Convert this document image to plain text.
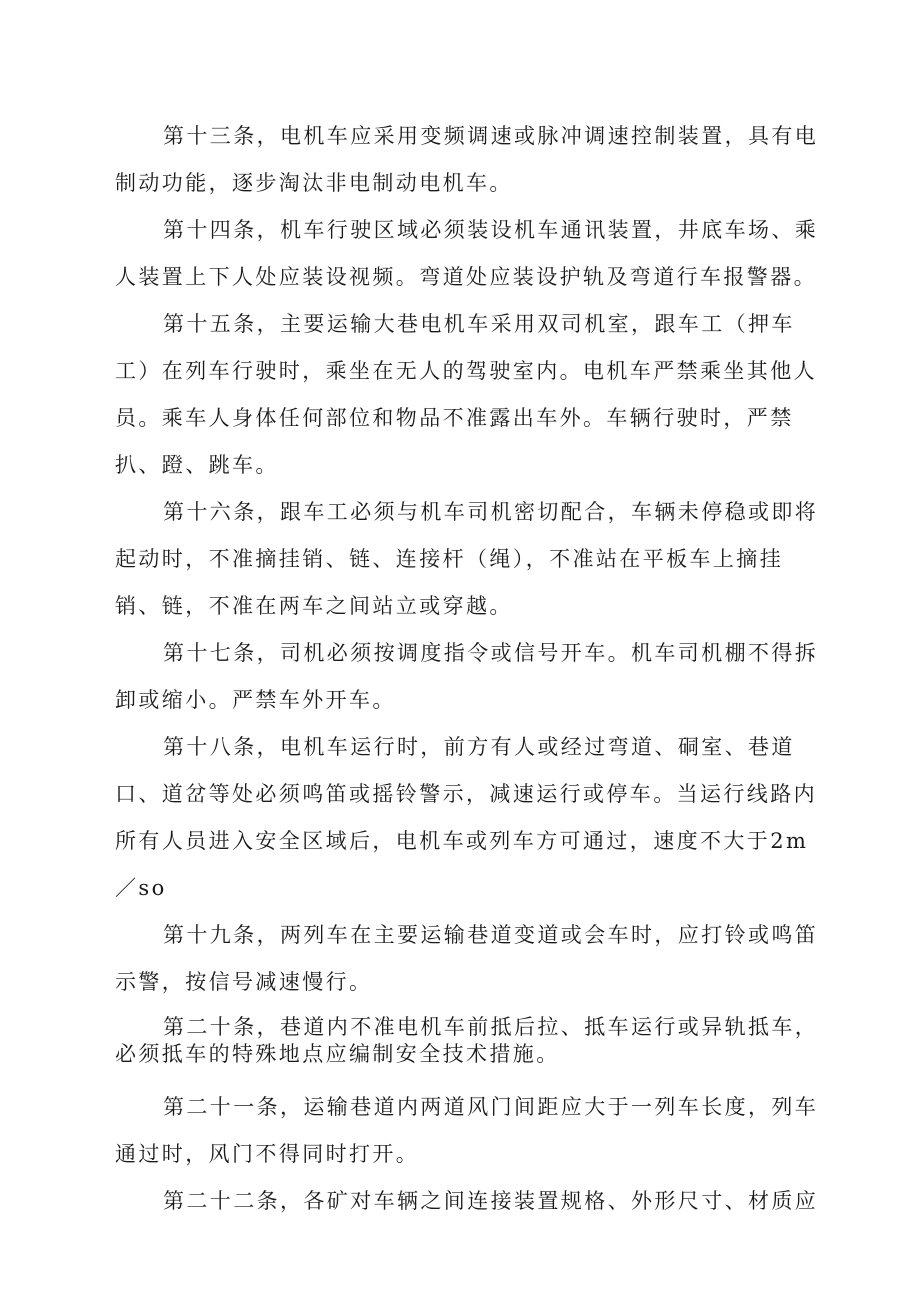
第十三条，电机车应采用变频调速或脉冲调速控制装置，具有电制动功能，逐步淘汰非电制动电机车。

第十四条，机车行驶区域必须装设机车通讯装置，井底车场、乘人装置上下人处应装设视频。弯道处应装设护轨及弯道行车报警器。

第十五条，主要运输大巷电机车采用双司机室，跟车工（押车工）在列车行驶时，乘坐在无人的驾驶室内。电机车严禁乘坐其他人员。乘车人身体任何部位和物品不准露出车外。车辆行驶时，严禁扒、蹬、跳车。

第十六条，跟车工必须与机车司机密切配合，车辆未停稳或即将起动时，不准摘挂销、链、连接杆（绳），不准站在平板车上摘挂销、链，不准在两车之间站立或穿越。

第十七条，司机必须按调度指令或信号开车。机车司机棚不得拆卸或缩小。严禁车外开车。

第十八条，电机车运行时，前方有人或经过弯道、硐室、巷道口、道岔等处必须鸣笛或摇铃警示，减速运行或停车。当运行线路内所有人员进入安全区域后，电机车或列车方可通过，速度不大于2m／so

第十九条，两列车在主要运输巷道变道或会车时，应打铃或鸣笛示警，按信号减速慢行。

第二十条，巷道内不准电机车前抵后拉、抵车运行或异轨抵车，必须抵车的特殊地点应编制安全技术措施。

第二十一条，运输巷道内两道风门间距应大于一列车长度，列车通过时，风门不得同时打开。

第二十二条，各矿对车辆之间连接装置规格、外形尺寸、材质应
